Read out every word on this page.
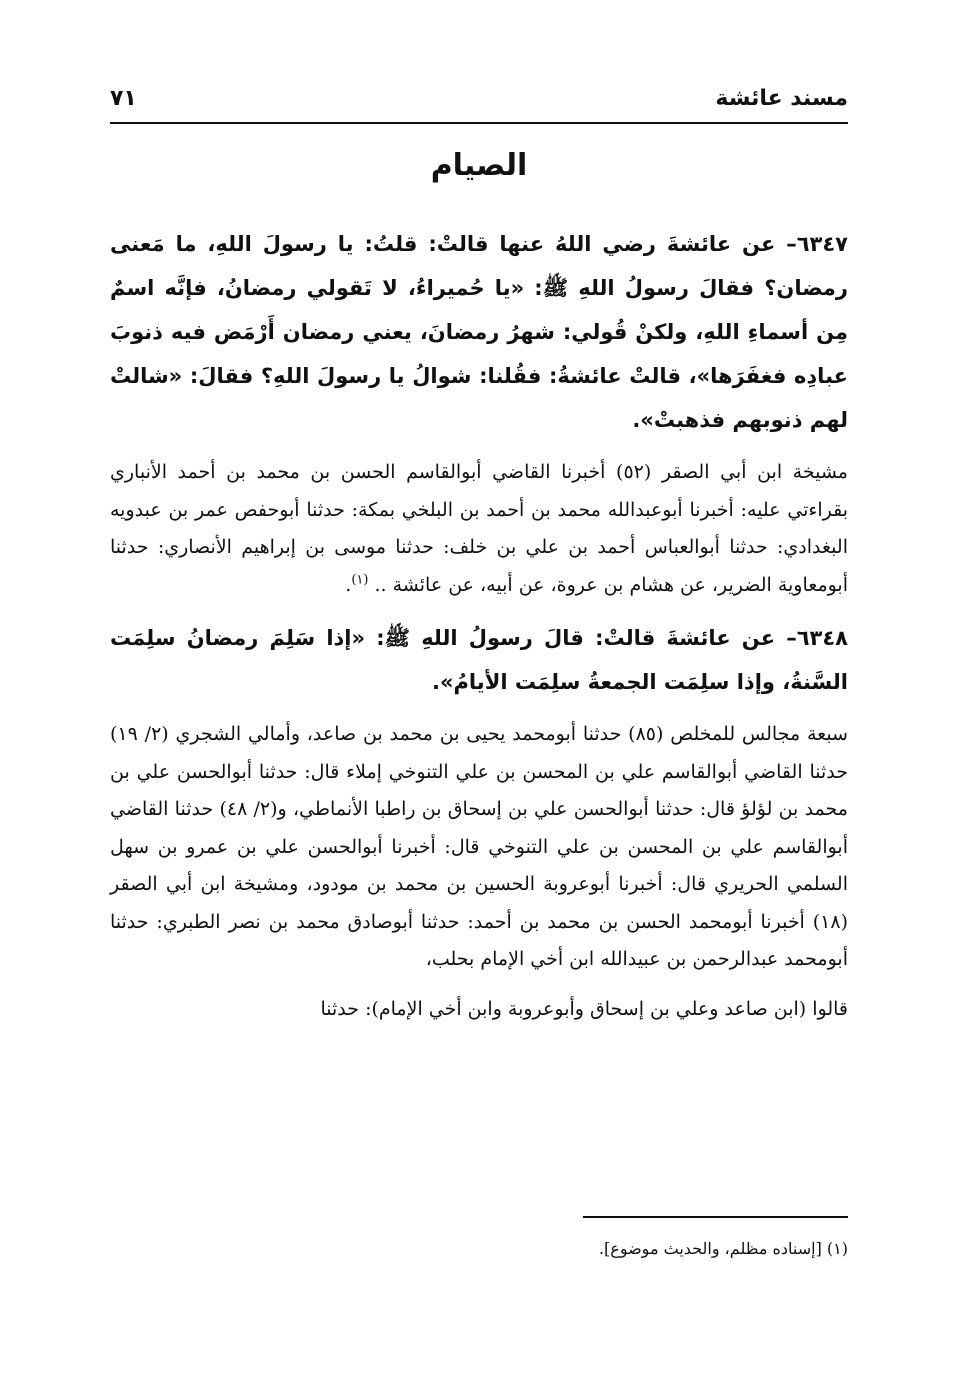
مسند عائشة
٧١
الصيام

٦٣٤٧– عن عائشةَ رضي اللهُ عنها قالتْ: قلتُ: يا رسولَ اللهِ، ما مَعنى رمضان؟ فقالَ رسولُ اللهِ ﷺ: «يا حُميراءُ، لا تَقولي رمضانُ، فإنَّه اسمٌ مِن أسماءِ اللهِ، ولكنْ قُولي: شهرُ رمضانَ، يعني رمضان أَرْمَض فيه ذنوبَ عبادِه فغفَرَها»، قالتْ عائشةُ: فقُلنا: شوالُ يا رسولَ اللهِ؟ فقالَ: «شالتْ لهم ذنوبهم فذهبتْ».

مشيخة ابن أبي الصقر (٥٢) أخبرنا القاضي أبوالقاسم الحسن بن محمد بن أحمد الأنباري بقراءتي عليه: أخبرنا أبوعبدالله محمد بن أحمد بن البلخي بمكة: حدثنا أبوحفص عمر بن عبدويه البغدادي: حدثنا أبوالعباس أحمد بن علي بن خلف: حدثنا موسى بن إبراهيم الأنصاري: حدثنا أبومعاوية الضرير، عن هشام بن عروة، عن أبيه، عن عائشة .. $^{(١)}$.

٦٣٤٨– عن عائشةَ قالتْ: قالَ رسولُ اللهِ ﷺ: «إذا سَلِمَ رمضانُ سلِمَت السَّنةُ، وإذا سلِمَت الجمعةُ سلِمَت الأيامُ».

سبعة مجالس للمخلص (٨٥) حدثنا أبومحمد يحيى بن محمد بن صاعد، وأمالي الشجري (٢/ ١٩) حدثنا القاضي أبوالقاسم علي بن المحسن بن علي التنوخي إملاء قال: حدثنا أبوالحسن علي بن محمد بن لؤلؤ قال: حدثنا أبوالحسن علي بن إسحاق بن راطبا الأنماطي، و(٢/ ٤٨) حدثنا القاضي أبوالقاسم علي بن المحسن بن علي التنوخي قال: أخبرنا أبوالحسن علي بن عمرو بن سهل السلمي الحريري قال: أخبرنا أبوعروبة الحسين بن محمد بن مودود، ومشيخة ابن أبي الصقر (١٨) أخبرنا أبومحمد الحسن بن محمد بن أحمد: حدثنا أبوصادق محمد بن نصر الطبري: حدثنا أبومحمد عبدالرحمن بن عبيدالله ابن أخي الإمام بحلب،

قالوا (ابن صاعد وعلي بن إسحاق وأبوعروبة وابن أخي الإمام): حدثنا

(١) [إسناده مظلم، والحديث موضوع].
